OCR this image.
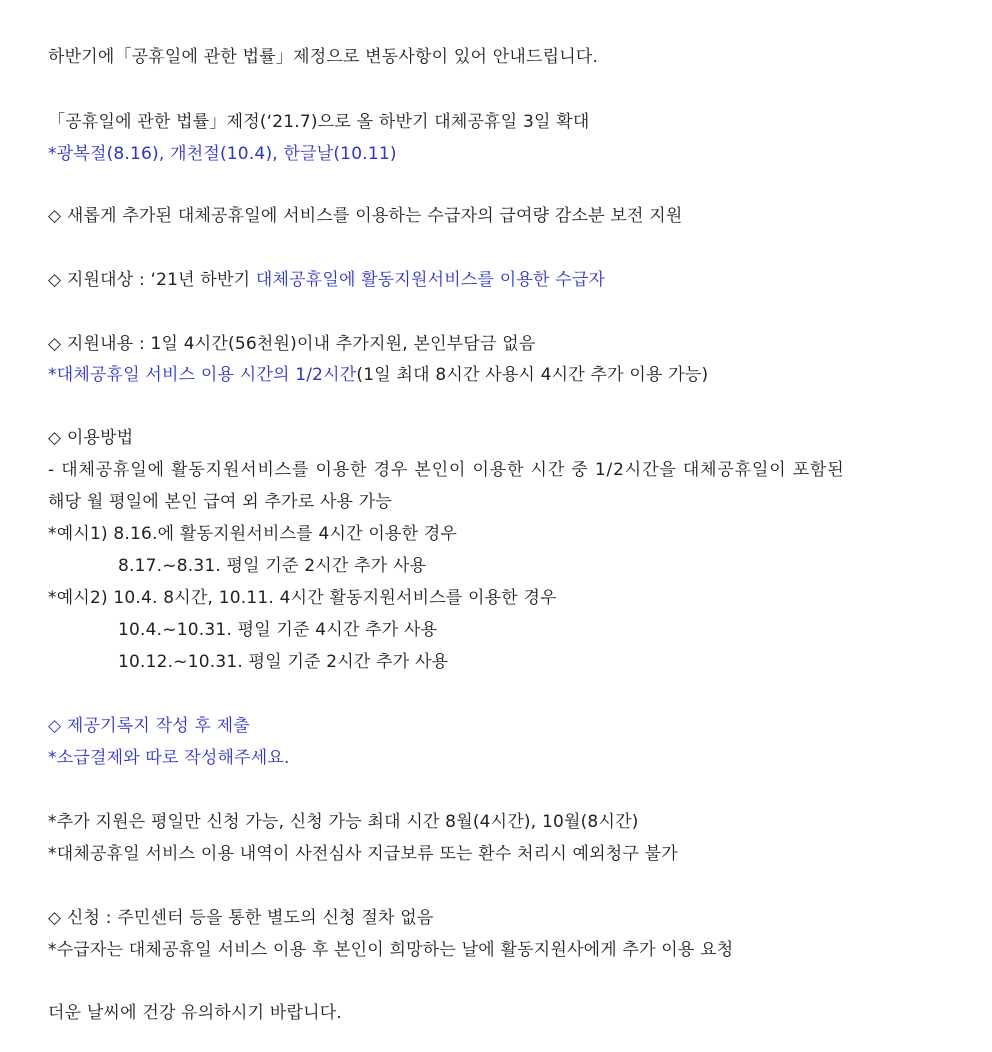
하반기에「공휴일에 관한 법률」제정으로 변동사항이 있어 안내드립니다.
「공휴일에 관한 법률」제정(‘21.7)으로 올 하반기 대체공휴일 3일 확대
*광복절(8.16), 개천절(10.4), 한글날(10.11)
◇ 새롭게 추가된 대체공휴일에 서비스를 이용하는 수급자의 급여량 감소분 보전 지원
◇ 지원대상 : ‘21년 하반기 대체공휴일에 활동지원서비스를 이용한 수급자
◇ 지원내용 : 1일 4시간(56천원)이내 추가지원, 본인부담금 없음
*대체공휴일 서비스 이용 시간의 1/2시간(1일 최대 8시간 사용시 4시간 추가 이용 가능)
◇ 이용방법
- 대체공휴일에 활동지원서비스를 이용한 경우 본인이 이용한 시간 중 1/2시간을 대체공휴일이 포함된
해당 월 평일에 본인 급여 외 추가로 사용 가능
*예시1) 8.16.에 활동지원서비스를 4시간 이용한 경우
8.17.~8.31. 평일 기준 2시간 추가 사용
*예시2) 10.4. 8시간, 10.11. 4시간 활동지원서비스를 이용한 경우
10.4.~10.31. 평일 기준 4시간 추가 사용
10.12.~10.31. 평일 기준 2시간 추가 사용
◇ 제공기록지 작성 후 제출
*소급결제와 따로 작성해주세요.
*추가 지원은 평일만 신청 가능, 신청 가능 최대 시간 8월(4시간), 10월(8시간)
*대체공휴일 서비스 이용 내역이 사전심사 지급보류 또는 환수 처리시 예외청구 불가
◇ 신청 : 주민센터 등을 통한 별도의 신청 절차 없음
*수급자는 대체공휴일 서비스 이용 후 본인이 희망하는 날에 활동지원사에게 추가 이용 요청
더운 날씨에 건강 유의하시기 바랍니다.
